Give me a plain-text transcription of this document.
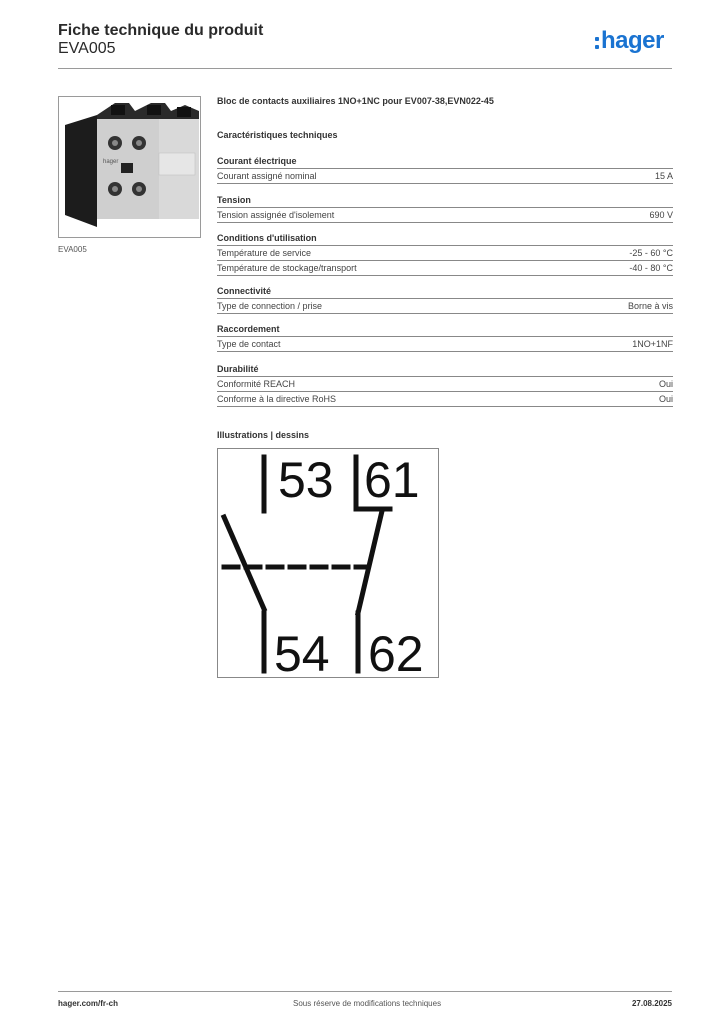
Fiche technique du produit
EVA005	hager
hager
EVA005
Bloc de contacts auxiliaires 1NO+1NC pour EV007-38,EVN022-45
Caractéristiques techniques
Courant électrique
Courant assigné nominal	15 A
Tension
Tension assignée d'isolement	690 V
Conditions d'utilisation
Température de service	-25 - 60 °C
Température de stockage/transport	-40 - 80 °C
Connectivité
Type de connection / prise	Borne à vis
Raccordement
Type de contact	1NO+1NF
Durabilité
Conformité REACH	Oui
Conforme à la directive RoHS	Oui
Illustrations | dessins
53 61
54 62
hager.com/fr-ch	Sous réserve de modifications techniques	27.08.2025
